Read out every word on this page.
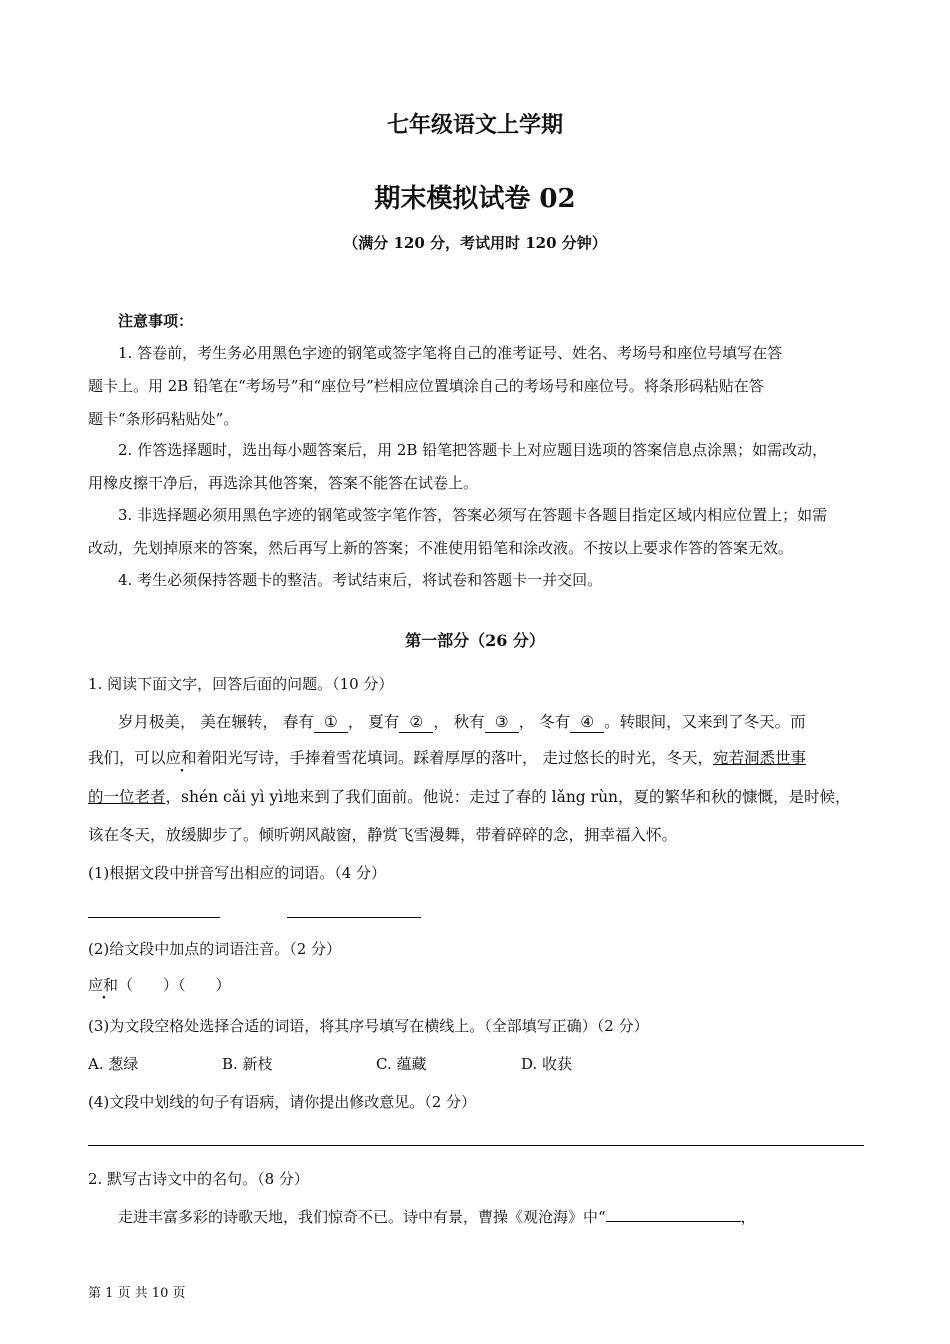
七年级语文上学期
期末模拟试卷 02
（满分 120 分，考试用时 120 分钟）
注意事项：
1. 答卷前，考生务必用黑色字迹的钢笔或签字笔将自己的准考证号、姓名、考场号和座位号填写在答
题卡上。用 2B 铅笔在“考场号”和“座位号”栏相应位置填涂自己的考场号和座位号。将条形码粘贴在答
题卡“条形码粘贴处”。
2. 作答选择题时，选出每小题答案后，用 2B 铅笔把答题卡上对应题目选项的答案信息点涂黑；如需改动，
用橡皮擦干净后，再选涂其他答案，答案不能答在试卷上。
3. 非选择题必须用黑色字迹的钢笔或签字笔作答，答案必须写在答题卡各题目指定区域内相应位置上；如需
改动，先划掉原来的答案，然后再写上新的答案；不准使用铅笔和涂改液。不按以上要求作答的答案无效。
4. 考生必须保持答题卡的整洁。考试结束后，将试卷和答题卡一并交回。
第一部分（26 分）
1. 阅读下面文字，回答后面的问题。（10 分）
岁月极美， 美在辗转， 春有 ① ， 夏有 ② ， 秋有 ③ ， 冬有 ④ 。转眼间，又来到了冬天。而
我们，可以应和着阳光写诗，手捧着雪花填词。踩着厚厚的落叶， 走过悠长的时光，冬天，宛若洞悉世事
的一位老者，shén cǎi yì yì地来到了我们面前。他说：走过了春的 lǎng rùn，夏的繁华和秋的慷慨，是时候，
该在冬天，放缓脚步了。倾听朔风敲窗，静赏飞雪漫舞，带着碎碎的念，拥幸福入怀。
(1)根据文段中拼音写出相应的词语。（4 分）
(2)给文段中加点的词语注音。（2 分）
应和（　　）（　　）
(3)为文段空格处选择合适的词语，将其序号填写在横线上。（全部填写正确）（2 分）
A. 葱绿	B. 新枝	C. 蕴藏	D. 收获
(4)文段中划线的句子有语病，请你提出修改意见。（2 分）
2. 默写古诗文中的名句。（8 分）
走进丰富多彩的诗歌天地，我们惊奇不已。诗中有景，曹操《观沧海》中“	，
第 1 页 共 10 页
